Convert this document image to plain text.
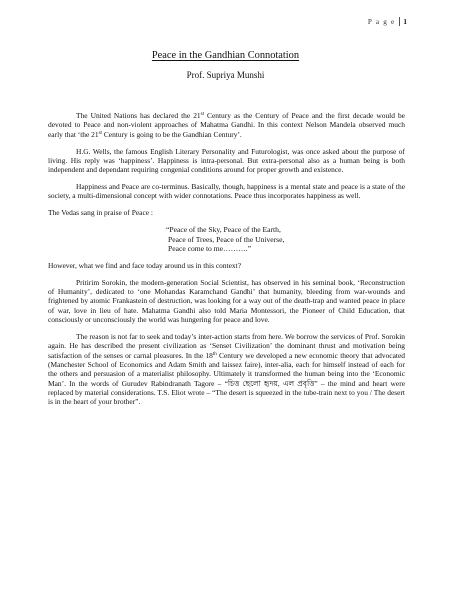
P a g e 1
Peace in the Gandhian Connotation
Prof. Supriya Munshi

The United Nations has declared the 21st Century as the Century of Peace and the first decade would be devoted to Peace and non-violent approaches of Mahatma Gandhi. In this context Nelson Mandela observed much early that ‘the 21st Century is going to be the Gandhian Century’.

H.G. Wells, the famous English Literary Personality and Futurologist, was once asked about the purpose of living. His reply was ‘happiness’. Happiness is intra-personal. But extra-personal also as a human being is both independent and dependant requiring congenial conditions around for proper growth and existence.

Happiness and Peace are co-terminus. Basically, though, happiness is a mental state and peace is a state of the society, a multi-dimensional concept with wider connotations. Peace thus incorporates happiness as well.

The Vedas sang in praise of Peace :

“Peace of the Sky, Peace of the Earth,
Peace of Trees, Peace of the Universe,
Peace come to me……….”

However, what we find and face today around us in this context?

Pritirim Sorokin, the modern-generation Social Scientist, has observed in his seminal book, ‘Reconstruction of Humanity’, dedicated to ‘one Mohandas Karamchand Gandhi’ that humanity, bleeding from war-wounds and frightened by atomic Frankastein of destruction, was looking for a way out of the death-trap and wanted peace in place of war, love in lieu of hate. Mahatma Gandhi also told Maria Montessori, the Pioneer of Child Education, that consciously or unconsciously the world was hungering for peace and love.

The reason is not far to seek and today’s inter-action starts from here. We borrow the services of Prof. Sorokin again. He has described the present civilization as ‘Senset Civilization’ the dominant thrust and motivation being satisfaction of the senses or carnal pleasures. In the 18th Century we developed a new economic theory that advocated (Manchester School of Economics and Adam Smith and laissez faire), inter-alia, each for himself instead of each for the others and persuasion of a materialist philosophy. Ultimately it transformed the human being into the ‘Economic Man’. In the words of Gurudev Rabindranath Tagore – “চিত্ত ছেলো হৃদয়, এল প্রবৃত্তি” – the mind and heart were replaced by material considerations. T.S. Eliot wrote – “The desert is squeezed in the tube-train next to you / The desert is in the heart of your brother”.
